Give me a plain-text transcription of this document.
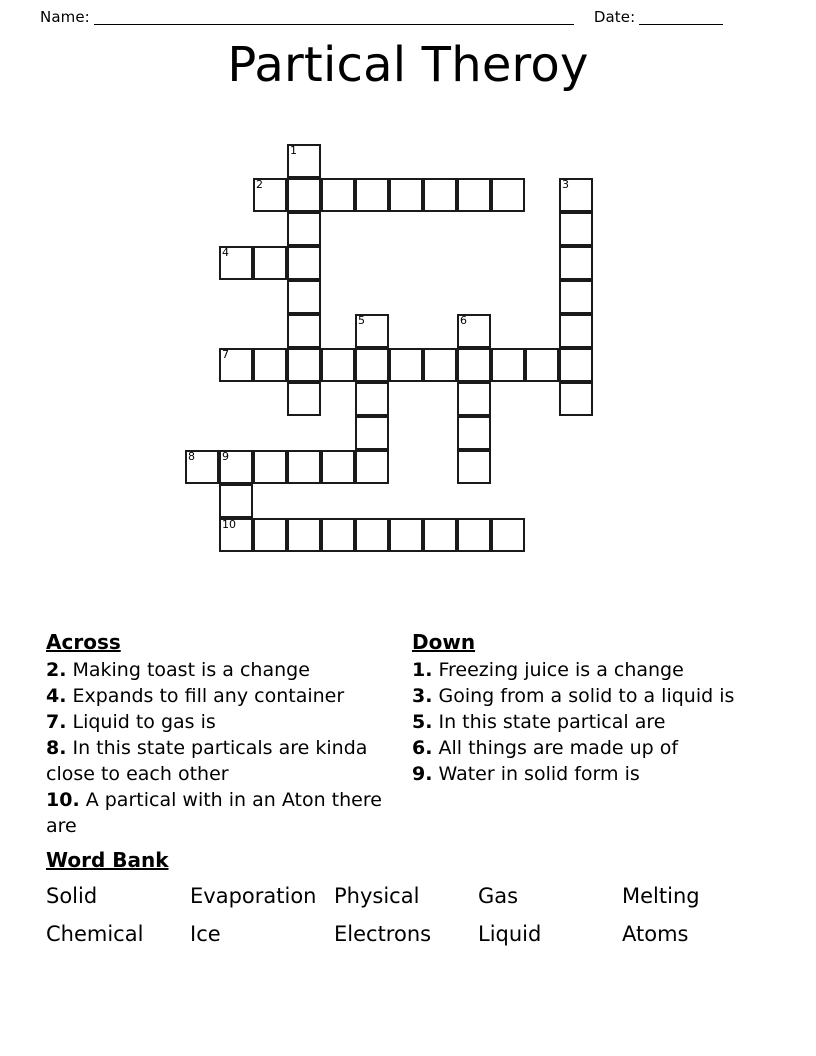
Name:	Date:
Partical Theroy
1
2	3
4
5	6
7
8 9
10
Across

2. Making toast is a change

4. Expands to fill any container

7. Liquid to gas is

8. In this state particals are kinda close to each other

10. A partical with in an Aton there are

Down

1. Freezing juice is a change

3. Going from a solid to a liquid is

5. In this state partical are

6. All things are made up of

9. Water in solid form is

Word Bank
Solid	Evaporation Physical	Gas	Melting
Chemical	Ice	Electrons	Liquid	Atoms
